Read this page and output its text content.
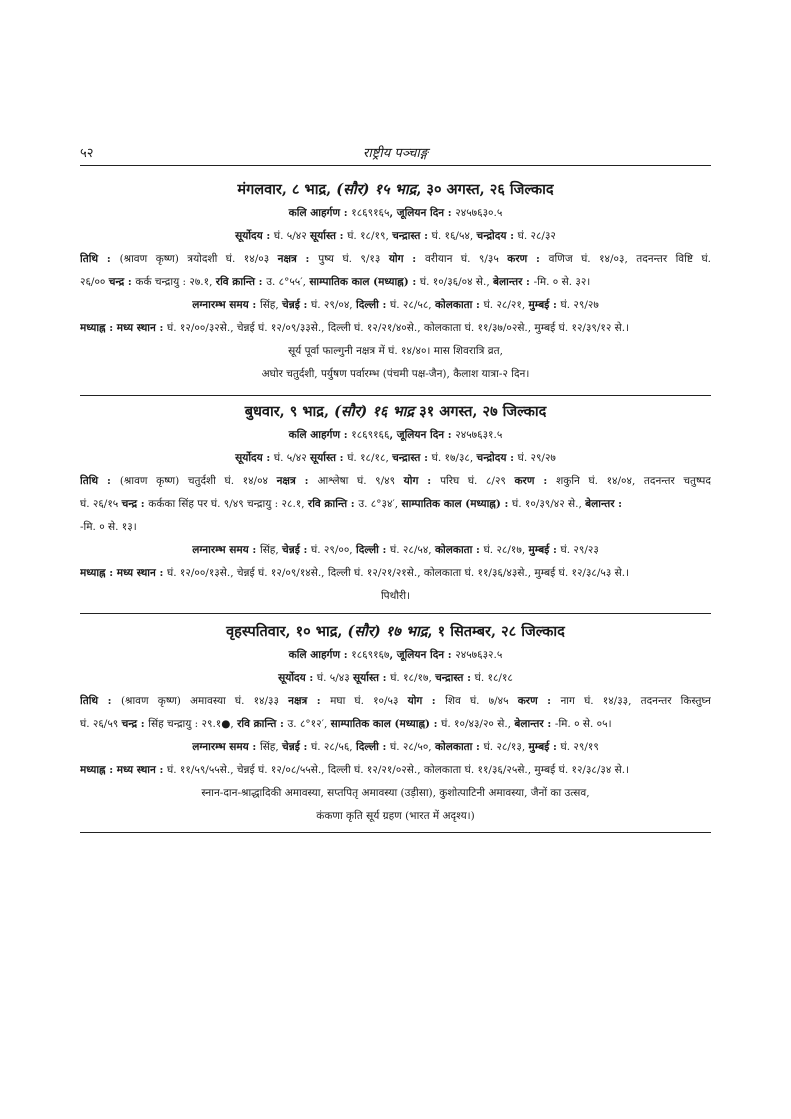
५२	राष्ट्रीय पञ्चाङ्ग
मंगलवार, ८ भाद्र, (सौर) १५ भाद्र, ३० अगस्त, २६ जिल्काद
कलि आहर्गण : १८६९१६५, जूलियन दिन : २४५७६३०.५
सूर्योदय : घं. ५/४२ सूर्यास्त : घं. १८/१९, चन्द्रास्त : घं. १६/५४, चन्द्रोदय : घं. २८/३२
तिथि : (श्रावण कृष्ण) त्रयोदशी घं. १४/०३ नक्षत्र : पुष्य घं. ९/१३ योग : वरीयान घं. ९/३५ करण : वणिज घं. १४/०३, तदनन्तर विष्टि घं.
२६/०० चन्द्र : कर्क चन्द्रायु : २७.१, रवि क्रान्ति : उ. ८°५५′, साम्पातिक काल (मध्याह्न) : घं. १०/३६/०४ से., बेलान्तर : -मि. ० से. ३२।
लग्नारम्भ समय : सिंह, चेन्नई : घं. २९/०४, दिल्ली : घं. २८/५८, कोलकाता : घं. २८/२१, मुम्बई : घं. २९/२७
मध्याह्न : मध्य स्थान : घं. १२/००/३२से., चेन्नई घं. १२/०९/३३से., दिल्ली घं. १२/२१/४०से., कोलकाता घं. ११/३७/०२से., मुम्बई घं. १२/३९/१२ से.।
सूर्य पूर्वा फाल्गुनी नक्षत्र में घं. १४/४०। मास शिवरात्रि व्रत,
अघोर चतुर्दशी, पर्युषण पर्वारम्भ (पंचमी पक्ष-जैन), कैलाश यात्रा-२ दिन।
बुधवार, ९ भाद्र, (सौर) १६ भाद्र ३१ अगस्त, २७ जिल्काद
कलि आहर्गण : १८६९१६६, जूलियन दिन : २४५७६३१.५
सूर्योदय : घं. ५/४२ सूर्यास्त : घं. १८/१८, चन्द्रास्त : घं. १७/३८, चन्द्रोदय : घं. २९/२७
तिथि : (श्रावण कृष्ण) चतुर्दशी घं. १४/०४ नक्षत्र : आश्लेषा घं. ९/४९ योग : परिघ घं. ८/२९ करण : शकुनि घं. १४/०४, तदनन्तर चतुष्पद
घं. २६/१५ चन्द्र : कर्कका सिंह पर घं. ९/४९ चन्द्रायु : २८.१, रवि क्रान्ति : उ. ८°३४′, साम्पातिक काल (मध्याह्न) : घं. १०/३९/४२ से., बेलान्तर :
-मि. ० से. १३।
लग्नारम्भ समय : सिंह, चेन्नई : घं. २९/००, दिल्ली : घं. २८/५४, कोलकाता : घं. २८/१७, मुम्बई : घं. २९/२३
मध्याह्न : मध्य स्थान : घं. १२/००/१३से., चेन्नई घं. १२/०९/१४से., दिल्ली घं. १२/२१/२१से., कोलकाता घं. ११/३६/४३से., मुम्बई घं. १२/३८/५३ से.।
पिथौरी।
वृहस्पतिवार, १० भाद्र, (सौर) १७ भाद्र, १ सितम्बर, २८ जिल्काद
कलि आहर्गण : १८६९१६७, जूलियन दिन : २४५७६३२.५
सूर्योदय : घं. ५/४३ सूर्यास्त : घं. १८/१७, चन्द्रास्त : घं. १८/१८
तिथि : (श्रावण कृष्ण) अमावस्या घं. १४/३३ नक्षत्र : मघा घं. १०/५३ योग : शिव घं. ७/४५ करण : नाग घं. १४/३३, तदनन्तर किस्तुघ्न
घं. २६/५९ चन्द्र : सिंह चन्द्रायु : २९.१●, रवि क्रान्ति : उ. ८°१२′, साम्पातिक काल (मध्याह्न) : घं. १०/४३/२० से., बेलान्तर : -मि. ० से. ०५।
लग्नारम्भ समय : सिंह, चेन्नई : घं. २८/५६, दिल्ली : घं. २८/५०, कोलकाता : घं. २८/१३, मुम्बई : घं. २९/१९
मध्याह्न : मध्य स्थान : घं. ११/५९/५५से., चेन्नई घं. १२/०८/५५से., दिल्ली घं. १२/२१/०२से., कोलकाता घं. ११/३६/२५से., मुम्बई घं. १२/३८/३४ से.।
स्नान-दान-श्राद्धादिकी अमावस्या, सप्तपितृ अमावस्या (उड़ीसा), कुशोत्पाटिनी अमावस्या, जैनों का उत्सव,
कंकणा कृति सूर्य ग्रहण (भारत में अदृश्य।)
